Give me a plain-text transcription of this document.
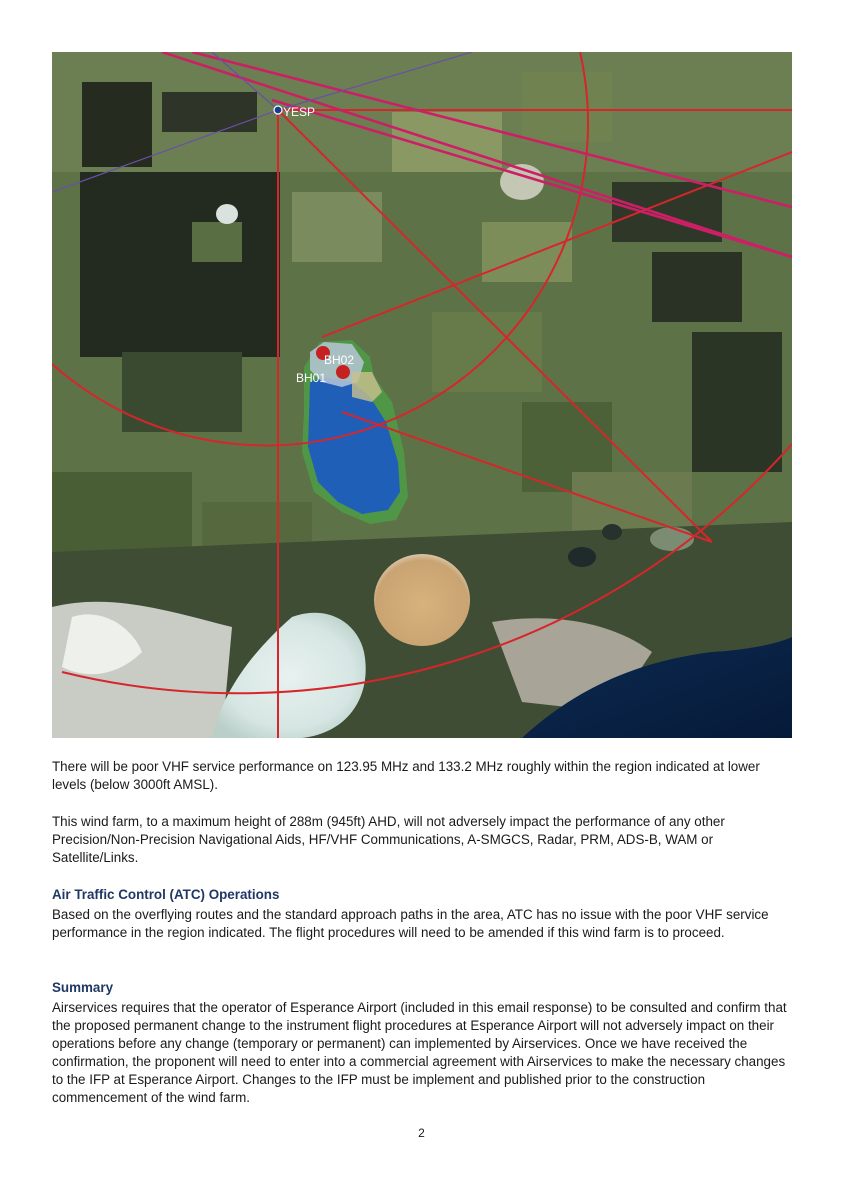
YESP
BH02
BH01

There will be poor VHF service performance on 123.95 MHz and 133.2 MHz roughly within the region indicated at lower levels (below 3000ft AMSL).

This wind farm, to a maximum height of 288m (945ft) AHD, will not adversely impact the performance of any other Precision/Non-Precision Navigational Aids, HF/VHF Communications, A-SMGCS, Radar, PRM, ADS-B, WAM or Satellite/Links.

Air Traffic Control (ATC) Operations

Based on the overflying routes and the standard approach paths in the area, ATC has no issue with the poor VHF service performance in the region indicated. The flight procedures will need to be amended if this wind farm is to proceed.

Summary

Airservices requires that the operator of Esperance Airport (included in this email response) to be consulted and confirm that the proposed permanent change to the instrument flight procedures at Esperance Airport will not adversely impact on their operations before any change (temporary or permanent) can implemented by Airservices. Once we have received the confirmation, the proponent will need to enter into a commercial agreement with Airservices to make the necessary changes to the IFP at Esperance Airport. Changes to the IFP must be implement and published prior to the construction commencement of the wind farm.

2
